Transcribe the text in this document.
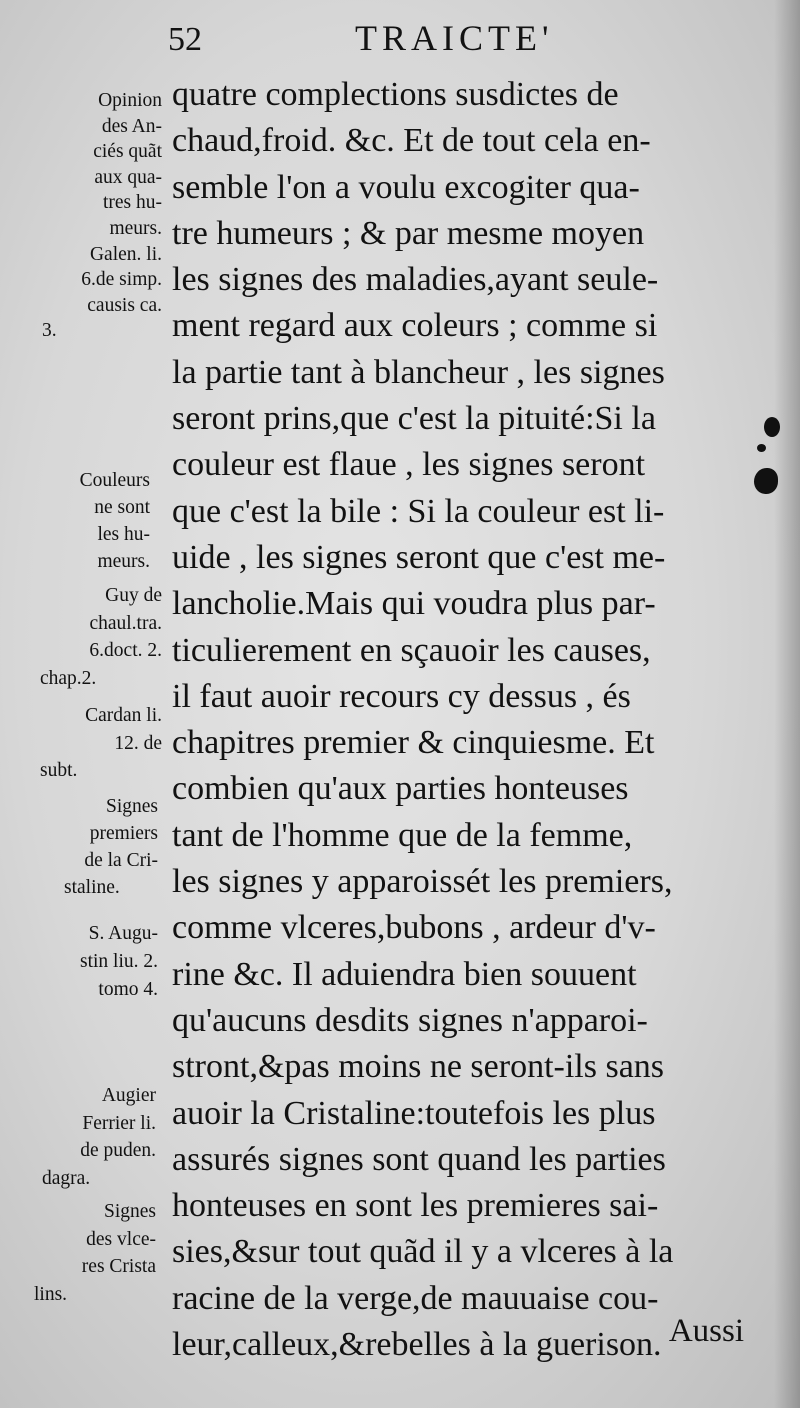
52	TRAICTE'
Opinion
des An-
ciés quãt
aux qua-
tres hu-
meurs.
Galen. li.
6.de simp.
causis ca.
3.
Couleurs
ne sont
les hu-
meurs.
Guy de
chaul.tra.
6.doct. 2.
chap.2.
Cardan li.
12. de
subt.
Signes
premiers
de la Cri-
staline.
S. Augu-
stin liu. 2.
tomo 4.
Augier
Ferrier li.
de puden.
dagra.
Signes
des vlce-
res Crista
lins.
quatre complections susdictes de
chaud,froid. &c. Et de tout cela en-
semble l'on a voulu excogiter qua-
tre humeurs ; & par mesme moyen
les signes des maladies,ayant seule-
ment regard aux coleurs ; comme si
la partie tant à blancheur , les signes
seront prins,que c'est la pituité:Si la
couleur est flaue , les signes seront
que c'est la bile : Si la couleur est li-
uide , les signes seront que c'est me-
lancholie.Mais qui voudra plus par-
ticulierement en sçauoir les causes,
il faut auoir recours cy dessus , és
chapitres premier & cinquiesme. Et
combien qu'aux parties honteuses
tant de l'homme que de la femme,
les signes y apparoissét les premiers,
comme vlceres,bubons , ardeur d'v-
rine &c. Il aduiendra bien souuent
qu'aucuns desdits signes n'apparoi-
stront,&pas moins ne seront-ils sans
auoir la Cristaline:toutefois les plus
assurés signes sont quand les parties
honteuses en sont les premieres sai-
sies,&sur tout quãd il y a vlceres à la
racine de la verge,de mauuaise cou-
leur,calleux,&rebelles à la guerison. Aussi
